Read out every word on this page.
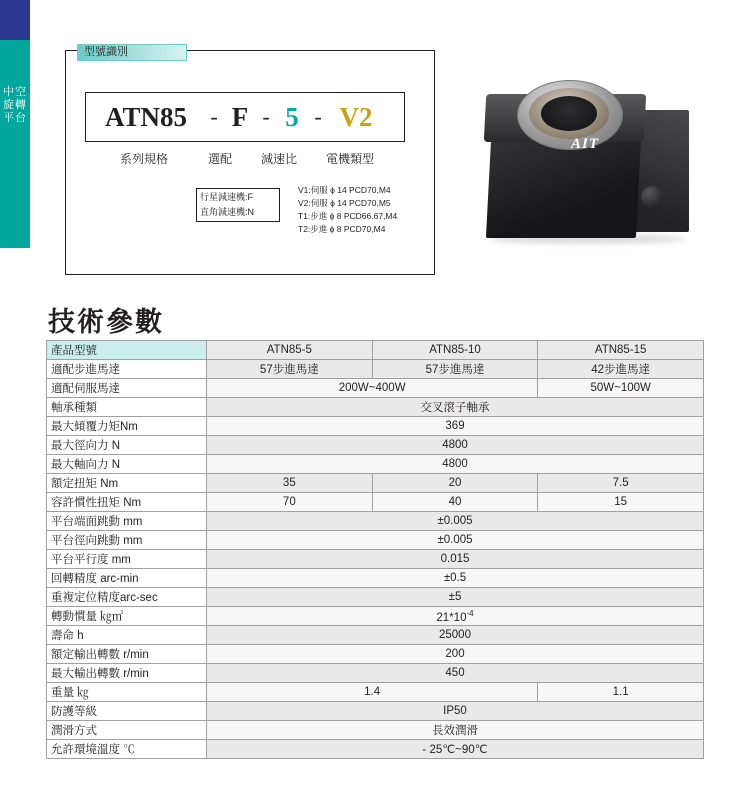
中空旋轉平台
型號識別
ATN85	- F - 5 - V2
系列規格	選配	減速比	電機類型
行星減速機:F
直角減速機:N
V1:伺服 ϕ 14 PCD70,M4
V2:伺服 ϕ 14 PCD70,M5
T1:步進 ϕ 8 PCD66.67,M4
T2:步進 ϕ 8 PCD70,M4
AIT
技術參數
產品型號	ATN85-5	ATN85-10	ATN85-15
適配步進馬達	57步進馬達	57步進馬達	42步進馬達
適配伺服馬達	200W~400W		50W~100W
軸承種類	交叉滾子軸承		
最大傾覆力矩Nm	369		
最大徑向力 N	4800		
最大軸向力 N	4800		
額定扭矩 Nm	35	20	7.5
容許慣性扭矩 Nm	70	40	15
平台端面跳動 mm	±0.005		
平台徑向跳動 mm	±0.005		
平台平行度 mm	0.015		
回轉精度 arc-min	±0.5		
重複定位精度arc-sec	±5		
轉動慣量 ㎏㎡	$21*10^{-4}$
壽命 h	25000		
額定輸出轉數 r/min	200		
最大輸出轉數 r/min	450		
重量 ㎏	1.4		1.1
防護等級	IP50		
潤滑方式	長效潤滑		
允許環境溫度 ℃	- 25℃~90℃		
